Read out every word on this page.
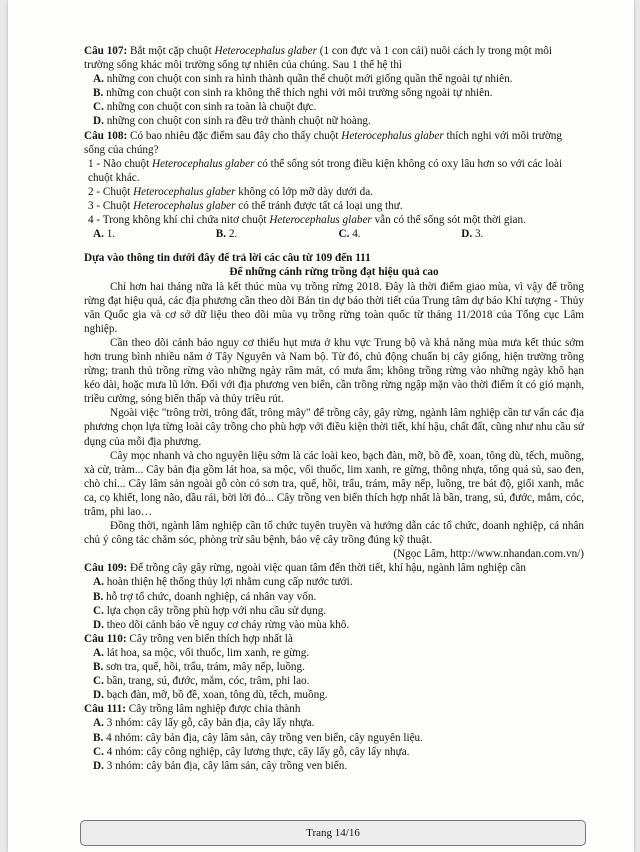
Câu 107: Bắt một cặp chuột Heterocephalus glaber (1 con đực và 1 con cái) nuôi cách ly trong một môi trường sống khác môi trường sống tự nhiên của chúng. Sau 1 thế hệ thì

A. những con chuột con sinh ra hình thành quần thể chuột mới giống quần thể ngoài tự nhiên.

B. những con chuột con sinh ra không thể thích nghi với môi trường sống ngoài tự nhiên.

C. những con chuột con sinh ra toàn là chuột đực.

D. những con chuột con sinh ra đều trở thành chuột nữ hoàng.

Câu 108: Có bao nhiêu đặc điểm sau đây cho thấy chuột Heterocephalus glaber thích nghi với môi trường sống của chúng?

1 - Não chuột Heterocephalus glaber có thể sống sót trong điều kiện không có oxy lâu hơn so với các loài chuột khác.

2 - Chuột Heterocephalus glaber không có lớp mỡ dày dưới da.

3 - Chuột Heterocephalus glaber có thể tránh được tất cả loại ung thư.

4 - Trong không khí chỉ chứa nitơ chuột Heterocephalus glaber vẫn có thể sống sót một thời gian.

A. 1.	B. 2.	C. 4.	D. 3.

Dựa vào thông tin dưới đây để trả lời các câu từ 109 đến 111

Để những cánh rừng trồng đạt hiệu quả cao

Chỉ hơn hai tháng nữa là kết thúc mùa vụ trồng rừng 2018. Đây là thời điểm giao mùa, vì vậy để trồng rừng đạt hiệu quả, các địa phương cần theo dõi Bản tin dự báo thời tiết của Trung tâm dự báo Khí tượng - Thủy văn Quốc gia và cơ sở dữ liệu theo dõi mùa vụ trồng rừng toàn quốc từ tháng 11/2018 của Tổng cục Lâm nghiệp.

Cần theo dõi cảnh báo nguy cơ thiếu hụt mưa ở khu vực Trung bộ và khả năng mùa mưa kết thúc sớm hơn trung bình nhiều năm ở Tây Nguyên và Nam bộ. Từ đó, chủ động chuẩn bị cây giống, hiện trường trồng rừng; tranh thủ trồng rừng vào những ngày râm mát, có mưa ẩm; không trồng rừng vào những ngày khô hạn kéo dài, hoặc mưa lũ lớn. Đối với địa phương ven biển, cần trồng rừng ngập mặn vào thời điểm ít có gió mạnh, triều cường, sóng biển thấp và thủy triều rút.

Ngoài việc "trông trời, trông đất, trông mây" để trồng cây, gây rừng, ngành lâm nghiệp cần tư vấn các địa phương chọn lựa từng loài cây trồng cho phù hợp với điều kiện thời tiết, khí hậu, chất đất, cũng như nhu cầu sử dụng của mỗi địa phương.

Cây mọc nhanh và cho nguyên liệu sớm là các loài keo, bạch đàn, mỡ, bồ đề, xoan, tông dù, tếch, muồng, xà cừ, tràm... Cây bản địa gồm lát hoa, sa mộc, vối thuốc, lim xanh, re gừng, thông nhựa, tống quá sủ, sao đen, chò chỉ... Cây lâm sản ngoài gỗ còn có sơn tra, quế, hồi, trẩu, trám, mây nếp, luồng, tre bát độ, giổi xanh, mắc ca, cọ khiết, long não, dầu rái, bời lời đỏ... Cây trồng ven biển thích hợp nhất là bần, trang, sú, đước, mắm, cóc, trâm, phi lao…

Đồng thời, ngành lâm nghiệp cần tổ chức tuyên truyền và hướng dẫn các tổ chức, doanh nghiệp, cá nhân chủ ý công tác chăm sóc, phòng trừ sâu bệnh, bảo vệ cây trồng đúng kỹ thuật.

(Ngọc Lâm, http://www.nhandan.com.vn/)

Câu 109: Để trồng cây gây rừng, ngoài việc quan tâm đến thời tiết, khí hậu, ngành lâm nghiệp cần

A. hoàn thiện hệ thống thủy lợi nhằm cung cấp nước tưới.

B. hỗ trợ tổ chức, doanh nghiệp, cá nhân vay vốn.

C. lựa chọn cây trồng phù hợp với nhu cầu sử dụng.

D. theo dõi cảnh báo về nguy cơ cháy rừng vào mùa khô.

Câu 110: Cây trồng ven biển thích hợp nhất là

A. lát hoa, sa mộc, vối thuốc, lim xanh, re gừng.

B. sơn tra, quế, hồi, trẩu, trám, mây nếp, luồng.

C. bần, trang, sú, đước, mắm, cóc, trâm, phi lao.

D. bạch đàn, mỡ, bồ đề, xoan, tông dù, tếch, muồng.

Câu 111: Cây trồng lâm nghiệp được chia thành

A. 3 nhóm: cây lấy gỗ, cây bản địa, cây lấy nhựa.

B. 4 nhóm: cây bản địa, cây lâm sản, cây trồng ven biển, cây nguyên liệu.

C. 4 nhóm: cây công nghiệp, cây lương thực, cây lấy gỗ, cây lấy nhựa.

D. 3 nhóm: cây bản địa, cây lâm sản, cây trồng ven biển.

Trang 14/16
